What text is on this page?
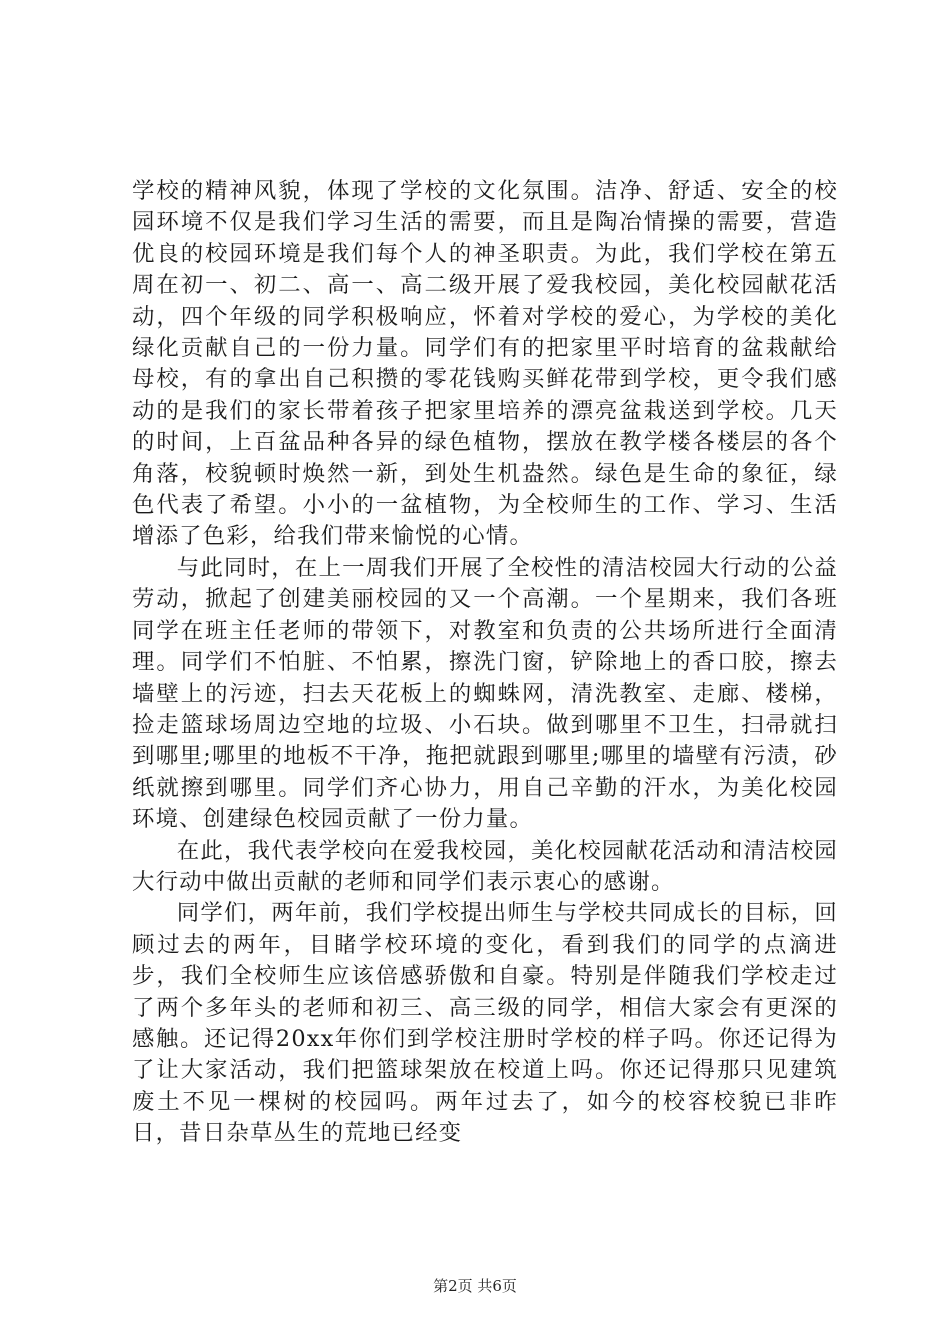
学校的精神风貌，体现了学校的文化氛围。洁净、舒适、安全的校园环境不仅是我们学习生活的需要，而且是陶冶情操的需要，营造优良的校园环境是我们每个人的神圣职责。为此，我们学校在第五周在初一、初二、高一、高二级开展了爱我校园，美化校园献花活动，四个年级的同学积极响应，怀着对学校的爱心，为学校的美化绿化贡献自己的一份力量。同学们有的把家里平时培育的盆栽献给母校，有的拿出自己积攒的零花钱购买鲜花带到学校，更令我们感动的是我们的家长带着孩子把家里培养的漂亮盆栽送到学校。几天的时间，上百盆品种各异的绿色植物，摆放在教学楼各楼层的各个角落，校貌顿时焕然一新，到处生机盎然。绿色是生命的象征，绿色代表了希望。小小的一盆植物，为全校师生的工作、学习、生活增添了色彩，给我们带来愉悦的心情。

与此同时，在上一周我们开展了全校性的清洁校园大行动的公益劳动，掀起了创建美丽校园的又一个高潮。一个星期来，我们各班同学在班主任老师的带领下，对教室和负责的公共场所进行全面清理。同学们不怕脏、不怕累，擦洗门窗，铲除地上的香口胶，擦去墙壁上的污迹，扫去天花板上的蜘蛛网，清洗教室、走廊、楼梯，捡走篮球场周边空地的垃圾、小石块。做到哪里不卫生，扫帚就扫到哪里;哪里的地板不干净，拖把就跟到哪里;哪里的墙壁有污渍，砂纸就擦到哪里。同学们齐心协力，用自己辛勤的汗水，为美化校园环境、创建绿色校园贡献了一份力量。

在此，我代表学校向在爱我校园，美化校园献花活动和清洁校园大行动中做出贡献的老师和同学们表示衷心的感谢。

同学们，两年前，我们学校提出师生与学校共同成长的目标，回顾过去的两年，目睹学校环境的变化，看到我们的同学的点滴进步，我们全校师生应该倍感骄傲和自豪。特别是伴随我们学校走过了两个多年头的老师和初三、高三级的同学，相信大家会有更深的感触。还记得20xx年你们到学校注册时学校的样子吗。你还记得为了让大家活动，我们把篮球架放在校道上吗。你还记得那只见建筑废土不见一棵树的校园吗。两年过去了，如今的校容校貌已非昨日，昔日杂草丛生的荒地已经变

第2页 共6页
